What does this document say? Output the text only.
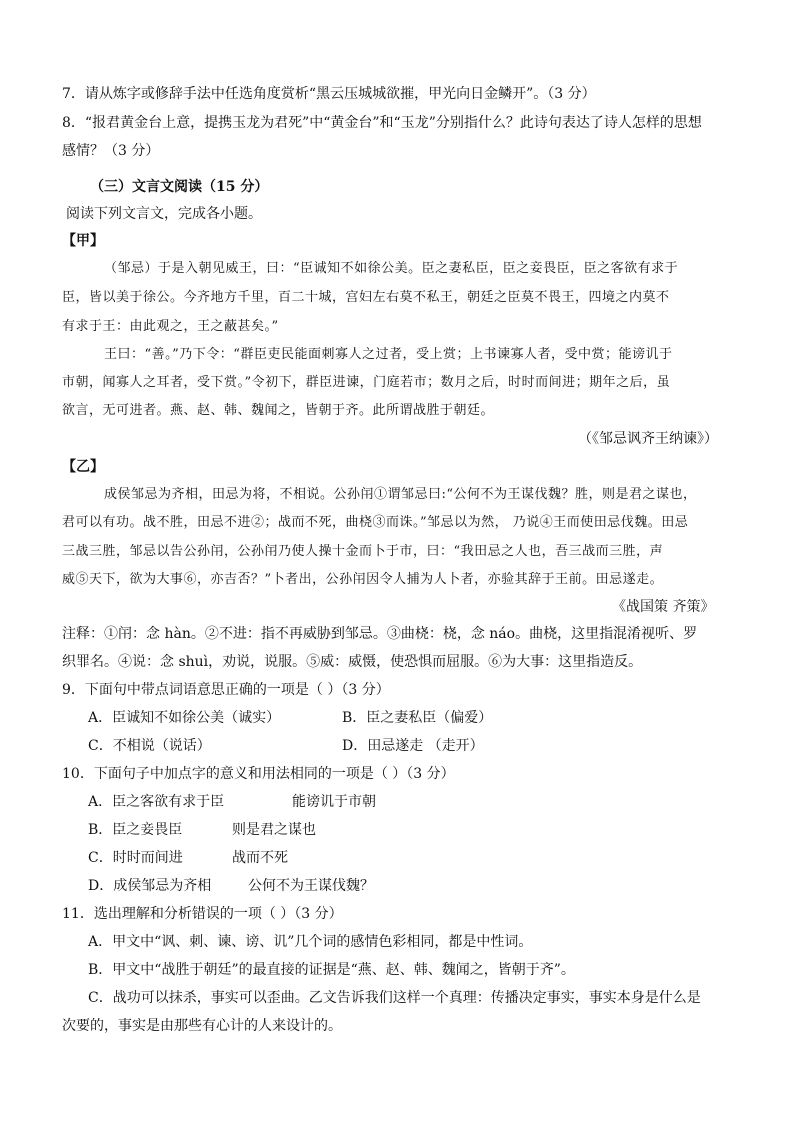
7．请从炼字或修辞手法中任选角度赏析“黑云压城城欲摧，甲光向日金鳞开”。（3 分）
8．“报君黄金台上意，提携玉龙为君死”中“黄金台”和“玉龙”分别指什么？此诗句表达了诗人怎样的思想
感情？（3 分）
（三）文言文阅读（15 分）
阅读下列文言文，完成各小题。
【甲】
（邹忌）于是入朝见威王，曰：“臣诚知不如徐公美。臣之妻私臣，臣之妾畏臣，臣之客欲有求于
臣，皆以美于徐公。今齐地方千里，百二十城，宫妇左右莫不私王，朝廷之臣莫不畏王，四境之内莫不
有求于王：由此观之，王之蔽甚矣。”
王曰：“善。”乃下令：“群臣吏民能面刺寡人之过者，受上赏；上书谏寡人者，受中赏；能谤讥于
市朝，闻寡人之耳者，受下赏。”令初下，群臣进谏，门庭若市；数月之后，时时而间进；期年之后，虽
欲言，无可进者。燕、赵、韩、魏闻之，皆朝于齐。此所谓战胜于朝廷。
（《邹忌讽齐王纳谏》）
【乙】
成侯邹忌为齐相，田忌为将，不相说。公孙闬①谓邹忌曰:“公何不为王谋伐魏？胜，则是君之谋也，
君可以有功。战不胜，田忌不进②；战而不死，曲桡③而诛。”邹忌以为然， 乃说④王而使田忌伐魏。田忌
三战三胜，邹忌以告公孙闬，公孙闬乃使人操十金而卜于市，曰：“我田忌之人也，吾三战而三胜，声
威⑤天下，欲为大事⑥，亦吉否？”卜者出，公孙闬因令人捕为人卜者，亦验其辞于王前。田忌遂走。
《战国策 齐策》
注释：①闬：念 hàn。②不进：指不再威胁到邹忌。③曲桡：桡，念 náo。曲桡，这里指混淆视听、罗
织罪名。④说：念 shuì，劝说，说服。⑤威：威慑，使恐惧而屈服。⑥为大事：这里指造反。
9．下面句中带点词语意思正确的一项是（ ）（3 分）
A．臣诚知不如徐公美（诚实）	B．臣之妻私臣（偏爱）
C．不相说（说话）	D．田忌遂走 （走开）
10．下面句子中加点字的意义和用法相同的一项是（ ）（3 分）
A．臣之客欲有求于臣	能谤讥于市朝
B．臣之妾畏臣	则是君之谋也
C．时时而间进	战而不死
D．成侯邹忌为齐相	公何不为王谋伐魏？
11．选出理解和分析错误的一项（ ）（3 分）
A．甲文中“讽、刺、谏、谤、讥”几个词的感情色彩相同，都是中性词。
B．甲文中“战胜于朝廷”的最直接的证据是“燕、赵、韩、魏闻之，皆朝于齐”。
C．战功可以抹杀，事实可以歪曲。乙文告诉我们这样一个真理：传播决定事实，事实本身是什么是
次要的，事实是由那些有心计的人来设计的。
